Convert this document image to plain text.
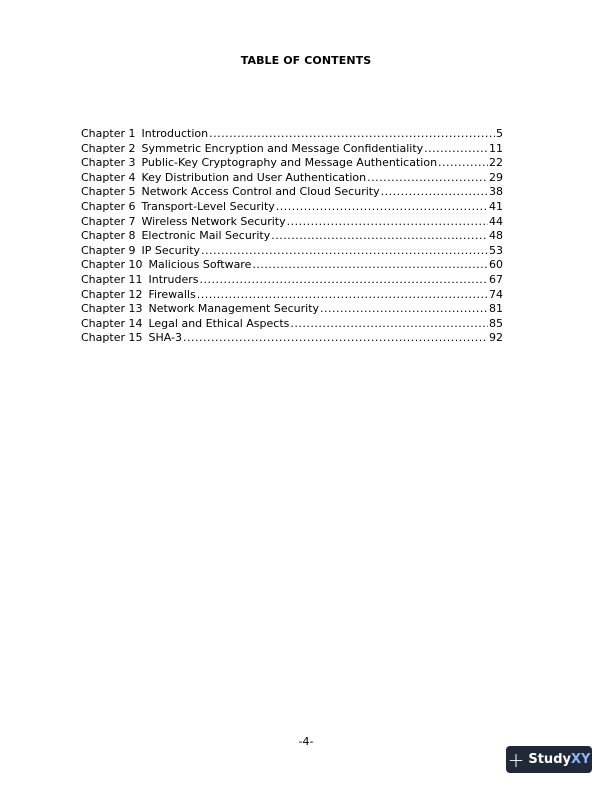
TABLE OF CONTENTS
Chapter 1 Introduction .....	5
Chapter 2 Symmetric Encryption and Message Confidentiality .....	11
Chapter 3 Public-Key Cryptography and Message Authentication .....	22
Chapter 4 Key Distribution and User Authentication .....	29
Chapter 5 Network Access Control and Cloud Security .....	38
Chapter 6 Transport-Level Security .....	41
Chapter 7 Wireless Network Security .....	44
Chapter 8 Electronic Mail Security .....	48
Chapter 9 IP Security .....	53
Chapter 10 Malicious Software .....	60
Chapter 11 Intruders .....	67
Chapter 12 Firewalls .....	74
Chapter 13 Network Management Security .....	81
Chapter 14 Legal and Ethical Aspects .....	85
Chapter 15 SHA-3 .....	92
-4-
+ StudyXY
